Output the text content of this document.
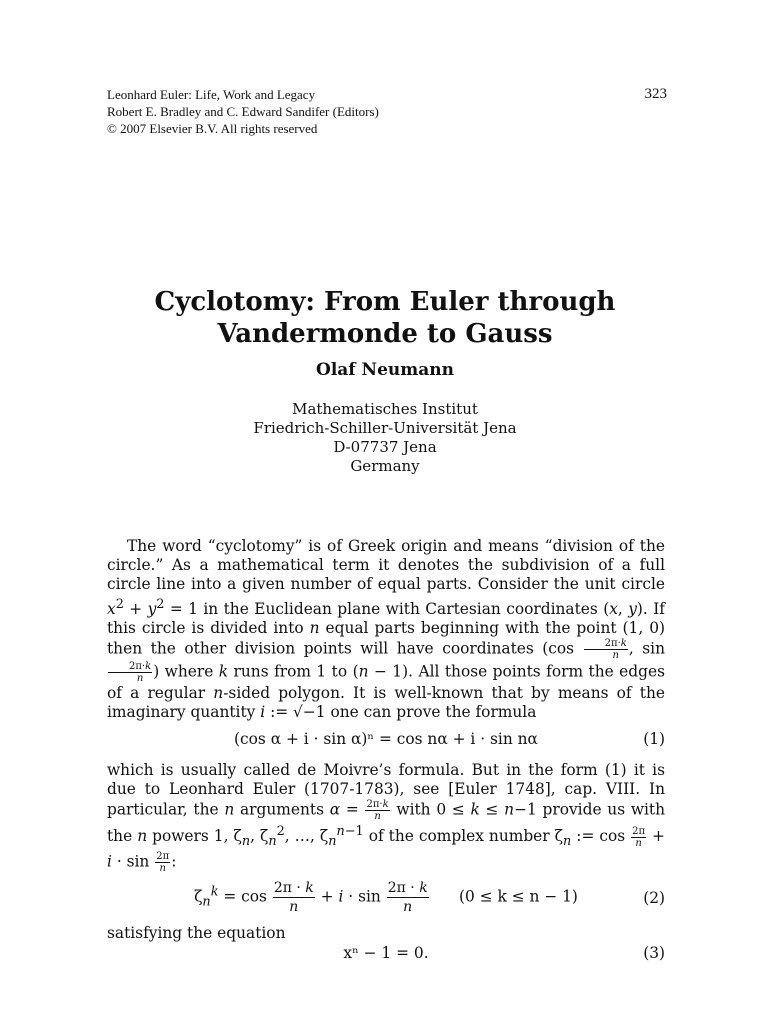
Leonhard Euler: Life, Work and Legacy
Robert E. Bradley and C. Edward Sandifer (Editors)
© 2007 Elsevier B.V. All rights reserved
323
Cyclotomy: From Euler through
Vandermonde to Gauss
Olaf Neumann
Mathematisches Institut
Friedrich-Schiller-Universität Jena
D-07737 Jena
Germany
The word “cyclotomy” is of Greek origin and means “division of the circle.” As a mathematical term it denotes the subdivision of a full circle line into a given number of equal parts. Consider the unit circle $x^2 + y^2 = 1$ in the Euclidean plane with Cartesian coordinates (x, y). If this circle is divided into n equal parts beginning with the point (1, 0) then the other division points will have coordinates ($\cos \frac{2\pi\cdot k}{n}$ , sin
$\frac{2\pi\cdot k}{n}$ ) where k runs from 1 to (n − 1). All those points form the edges of a regular n-sided polygon. It is well-known that by means of the imaginary quantity i := √−1 one can prove the formula
(cos α + i · sin α)ⁿ = cos nα + i · sin nα	(1)
which is usually called de Moivre’s formula. But in the form (1) it is due to Leonhard Euler (1707-1783), see [Euler 1748], cap. VIII. In particular, the n arguments $\alpha = \frac{2\pi\cdot k}{n}$ with 0 ≤ k ≤ n−1 provide us with the n powers 1, $\zeta_n$, $\zeta_n^2$, …, $\zeta_n^{n-1}$ of the complex number $\zeta_n$ := $\cos \frac{2\pi}{n} + i \cdot \sin \frac{2\pi}{n}$ :
$\zeta_n^k = \cos \frac{2\pi \cdot k}{n} + i \cdot \sin \frac{2\pi \cdot k}{n} (0 \le k \le n - 1)$	(2)
satisfying the equation
xⁿ − 1 = 0.	(3)
